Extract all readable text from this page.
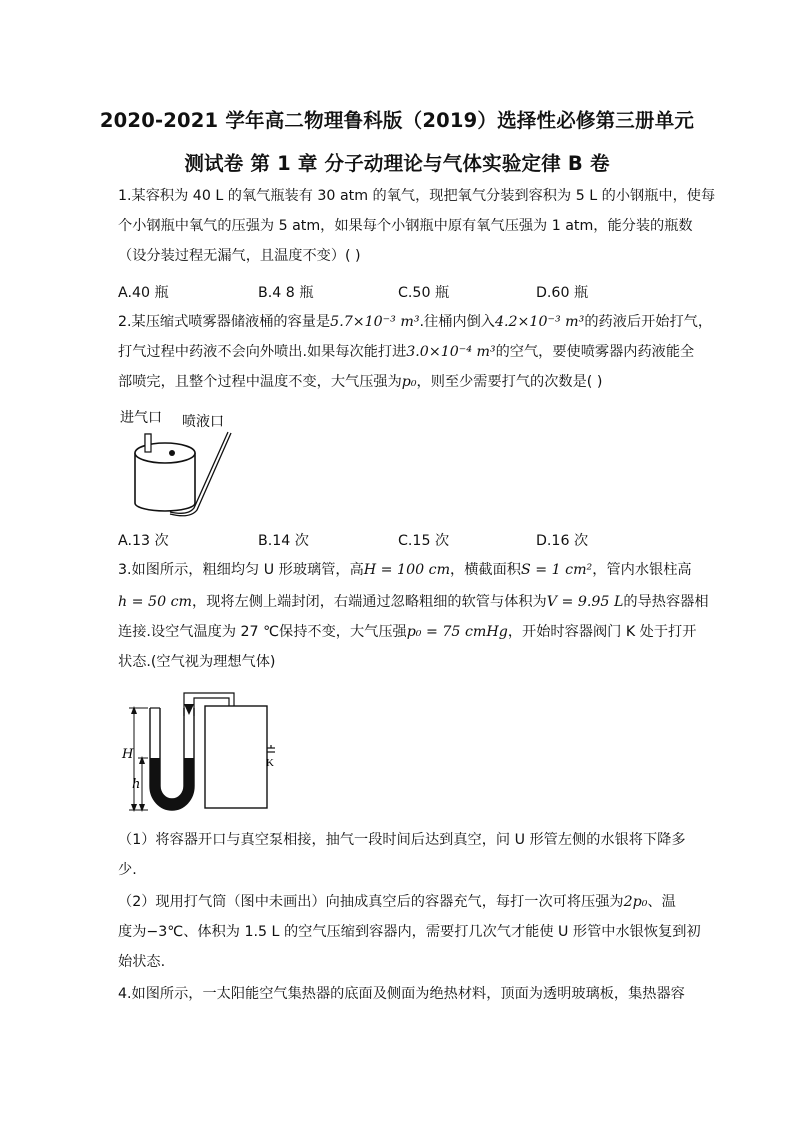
2020-2021 学年高二物理鲁科版（2019）选择性必修第三册单元
测试卷 第 1 章 分子动理论与气体实验定律 B 卷
1.某容积为 40 L 的氧气瓶装有 30 atm 的氧气，现把氧气分装到容积为 5 L 的小钢瓶中，使每
个小钢瓶中氧气的压强为 5 atm，如果每个小钢瓶中原有氧气压强为 1 atm，能分装的瓶数
（设分装过程无漏气，且温度不变）( )
A.40 瓶	B.4 8 瓶	C.50 瓶	D.60 瓶
2.某压缩式喷雾器储液桶的容量是5.7×10⁻³ m³.往桶内倒入4.2×10⁻³ m³的药液后开始打气，
打气过程中药液不会向外喷出.如果每次能打进3.0×10⁻⁴ m³的空气，要使喷雾器内药液能全
部喷完，且整个过程中温度不变，大气压强为p₀，则至少需要打气的次数是( )
进气口 喷液口
A.13 次	B.14 次	C.15 次	D.16 次
3.如图所示，粗细均匀 U 形玻璃管，高H = 100 cm，横截面积S = 1 cm²，管内水银柱高
h = 50 cm，现将左侧上端封闭，右端通过忽略粗细的软管与体积为V = 9.95 L的导热容器相
连接.设空气温度为 27 ℃保持不变，大气压强p₀ = 75 cmHg，开始时容器阀门 K 处于打开
状态.(空气视为理想气体)
H
h
K
（1）将容器开口与真空泵相接，抽气一段时间后达到真空，问 U 形管左侧的水银将下降多
少.
（2）现用打气筒（图中未画出）向抽成真空后的容器充气，每打一次可将压强为2p₀、温
度为−3℃、体积为 1.5 L 的空气压缩到容器内，需要打几次气才能使 U 形管中水银恢复到初
始状态.
4.如图所示，一太阳能空气集热器的底面及侧面为绝热材料，顶面为透明玻璃板，集热器容
